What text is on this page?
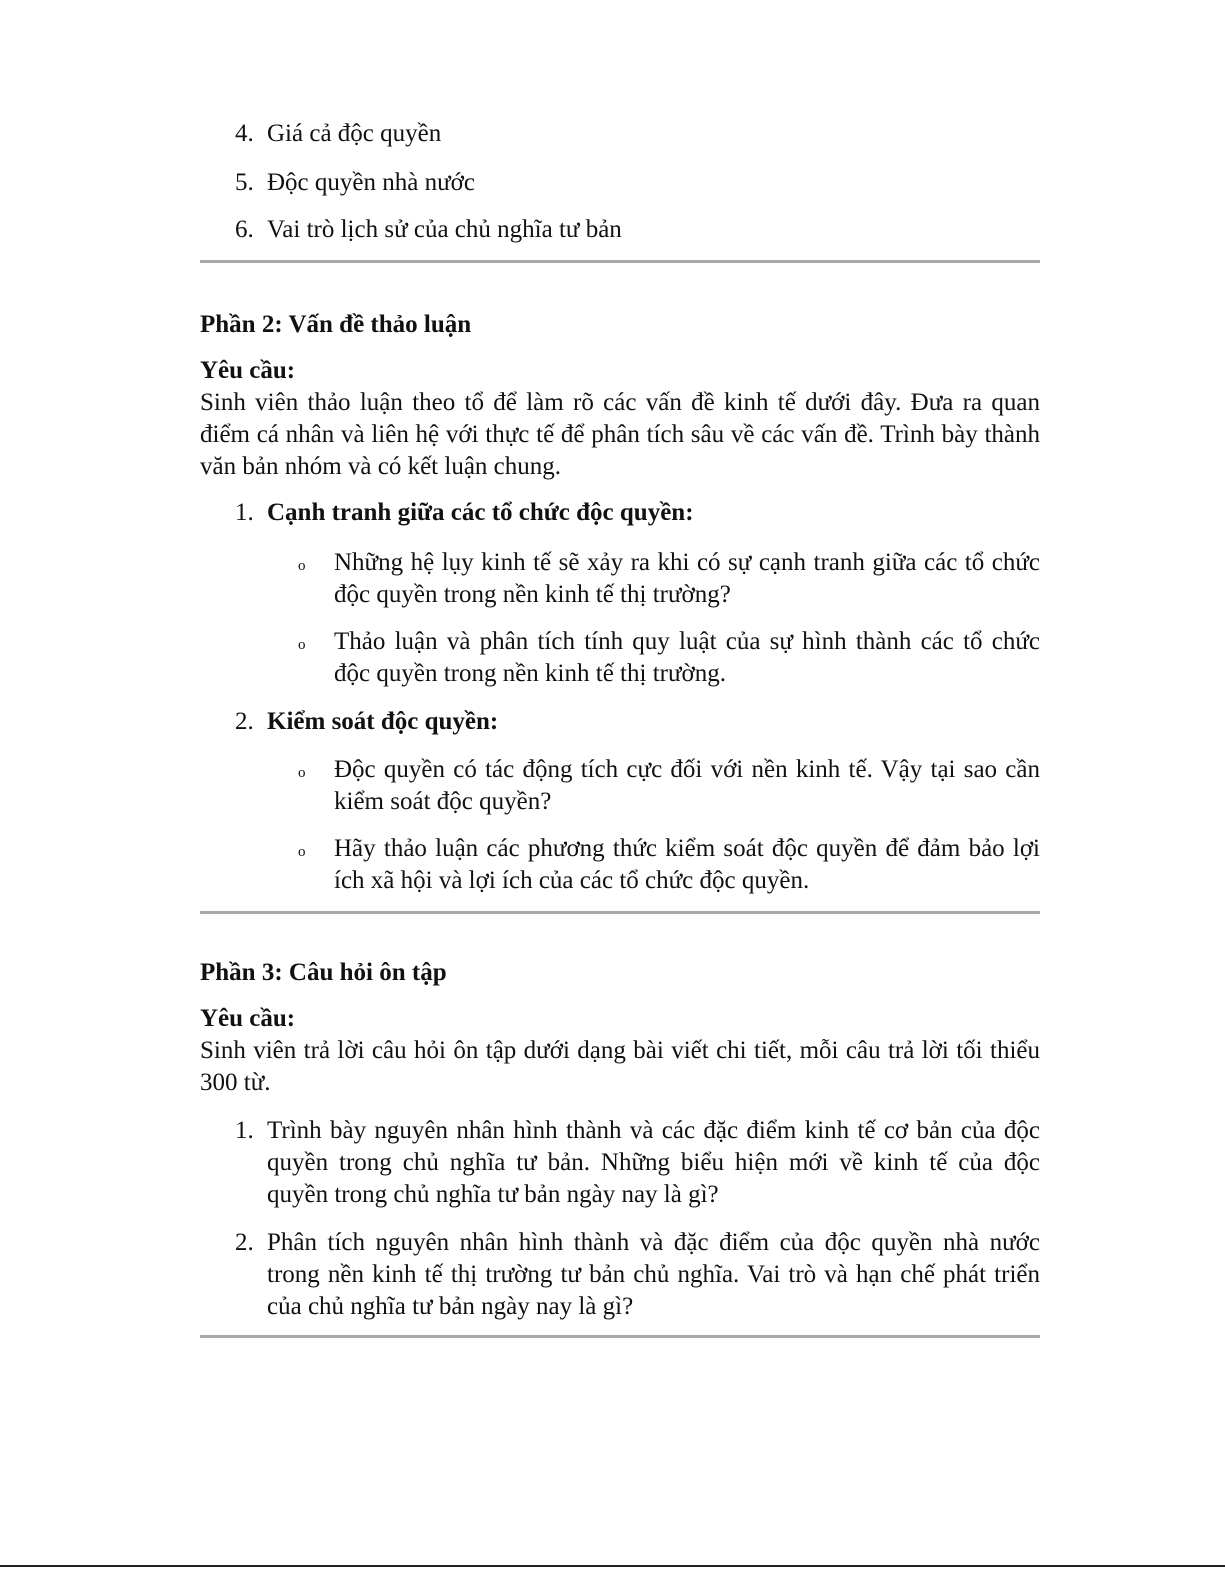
4. Giá cả độc quyền
5. Độc quyền nhà nước
6. Vai trò lịch sử của chủ nghĩa tư bản
Phần 2: Vấn đề thảo luận
Yêu cầu:
Sinh viên thảo luận theo tổ để làm rõ các vấn đề kinh tế dưới đây. Đưa ra quan điểm cá nhân và liên hệ với thực tế để phân tích sâu về các vấn đề. Trình bày thành văn bản nhóm và có kết luận chung.
1. Cạnh tranh giữa các tổ chức độc quyền:
o	Những hệ lụy kinh tế sẽ xảy ra khi có sự cạnh tranh giữa các tổ chức độc quyền trong nền kinh tế thị trường?
o	Thảo luận và phân tích tính quy luật của sự hình thành các tổ chức độc quyền trong nền kinh tế thị trường.
2. Kiểm soát độc quyền:
o	Độc quyền có tác động tích cực đối với nền kinh tế. Vậy tại sao cần kiểm soát độc quyền?
o	Hãy thảo luận các phương thức kiểm soát độc quyền để đảm bảo lợi ích xã hội và lợi ích của các tổ chức độc quyền.
Phần 3: Câu hỏi ôn tập
Yêu cầu:
Sinh viên trả lời câu hỏi ôn tập dưới dạng bài viết chi tiết, mỗi câu trả lời tối thiểu 300 từ.
1. Trình bày nguyên nhân hình thành và các đặc điểm kinh tế cơ bản của độc quyền trong chủ nghĩa tư bản. Những biểu hiện mới về kinh tế của độc quyền trong chủ nghĩa tư bản ngày nay là gì?
2. Phân tích nguyên nhân hình thành và đặc điểm của độc quyền nhà nước trong nền kinh tế thị trường tư bản chủ nghĩa. Vai trò và hạn chế phát triển của chủ nghĩa tư bản ngày nay là gì?
